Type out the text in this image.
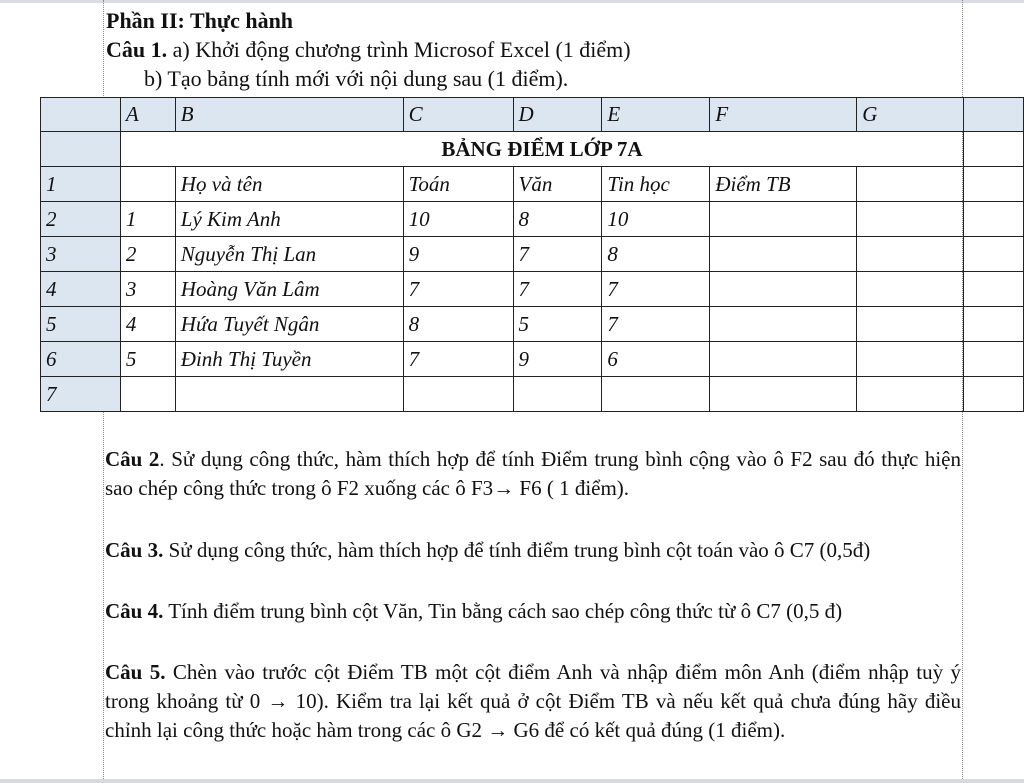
Phần II: Thực hành
Câu 1. a) Khởi động chương trình Microsof Excel (1 điểm)
b) Tạo bảng tính mới với nội dung sau (1 điểm).
	A	B	C	D	E	F	G	
	BẢNG ĐIỂM LỚP 7A							
1		Họ và tên	Toán	Văn	Tin học	Điểm TB		
2	1	Lý Kim Anh	10	8	10			
3	2	Nguyễn Thị Lan	9	7	8			
4	3	Hoàng Văn Lâm	7	7	7			
5	4	Hứa Tuyết Ngân	8	5	7			
6	5	Đinh Thị Tuyền	7	9	6			
7								
Câu 2. Sử dụng công thức, hàm thích hợp để tính Điểm trung bình cộng vào ô F2 sau đó thực hiện sao chép công thức trong ô F2 xuống các ô F3→ F6 ( 1 điểm).
Câu 3. Sử dụng công thức, hàm thích hợp để tính điểm trung bình cột toán vào ô C7 (0,5đ)
Câu 4. Tính điểm trung bình cột Văn, Tin bằng cách sao chép công thức từ ô C7 (0,5 đ)
Câu 5. Chèn vào trước cột Điểm TB một cột điểm Anh và nhập điểm môn Anh (điểm nhập tuỳ ý trong khoảng từ 0 → 10). Kiểm tra lại kết quả ở cột Điểm TB và nếu kết quả chưa đúng hãy điều chỉnh lại công thức hoặc hàm trong các ô G2 → G6 để có kết quả đúng (1 điểm).
